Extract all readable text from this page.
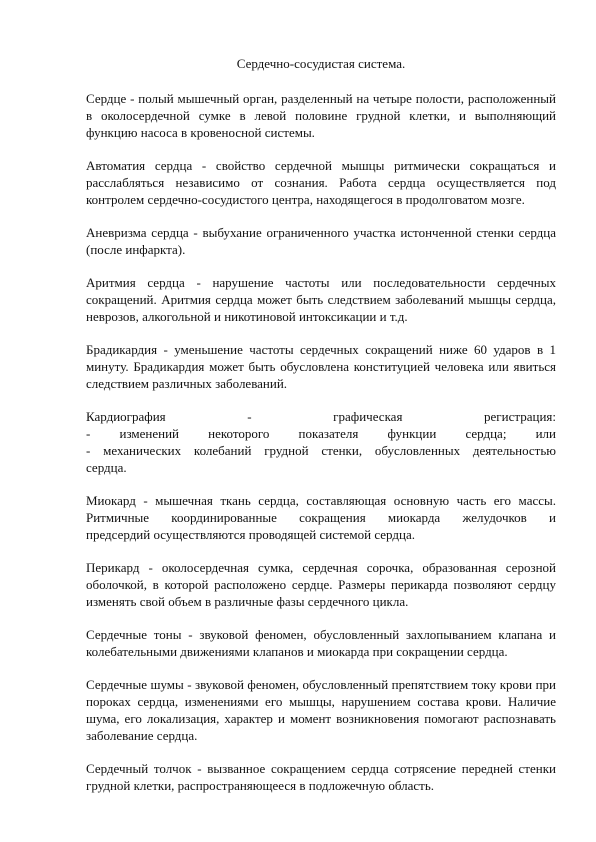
Сердечно-сосудистая система.

Сердце - полый мышечный орган, разделенный на четыре полости, расположенный в околосердечной сумке в левой половине грудной клетки, и выполняющий функцию насоса в кровеносной системы.

Автоматия сердца - свойство сердечной мышцы ритмически сокращаться и расслабляться независимо от сознания. Работа сердца осуществляется под контролем сердечно-сосудистого центра, находящегося в продолговатом мозге.

Аневризма сердца - выбухание ограниченного участка истонченной стенки сердца (после инфаркта).

Аритмия сердца - нарушение частоты или последовательности сердечных сокращений. Аритмия сердца может быть следствием заболеваний мышцы сердца, неврозов, алкогольной и никотиновой интоксикации и т.д.

Брадикардия - уменьшение частоты сердечных сокращений ниже 60 ударов в 1 минуту. Брадикардия может быть обусловлена конституцией человека или явиться следствием различных заболеваний.

Кардиография - графическая регистрация:
- изменений некоторого показателя функции сердца; или
- механических колебаний грудной стенки, обусловленных деятельностью
сердца.

Миокард - мышечная ткань сердца, составляющая основную часть его массы.
Ритмичные координированные сокращения миокарда желудочков и
предсердий осуществляются проводящей системой сердца.

Перикард - околосердечная сумка, сердечная сорочка, образованная серозной оболочкой, в которой расположено сердце. Размеры перикарда позволяют сердцу изменять свой объем в различные фазы сердечного цикла.

Сердечные тоны - звуковой феномен, обусловленный захлопыванием клапана и колебательными движениями клапанов и миокарда при сокращении сердца.

Сердечные шумы - звуковой феномен, обусловленный препятствием току крови при пороках сердца, изменениями его мышцы, нарушением состава крови. Наличие шума, его локализация, характер и момент возникновения помогают распознавать заболевание сердца.

Сердечный толчок - вызванное сокращением сердца сотрясение передней стенки грудной клетки, распространяющееся в подложечную область.
